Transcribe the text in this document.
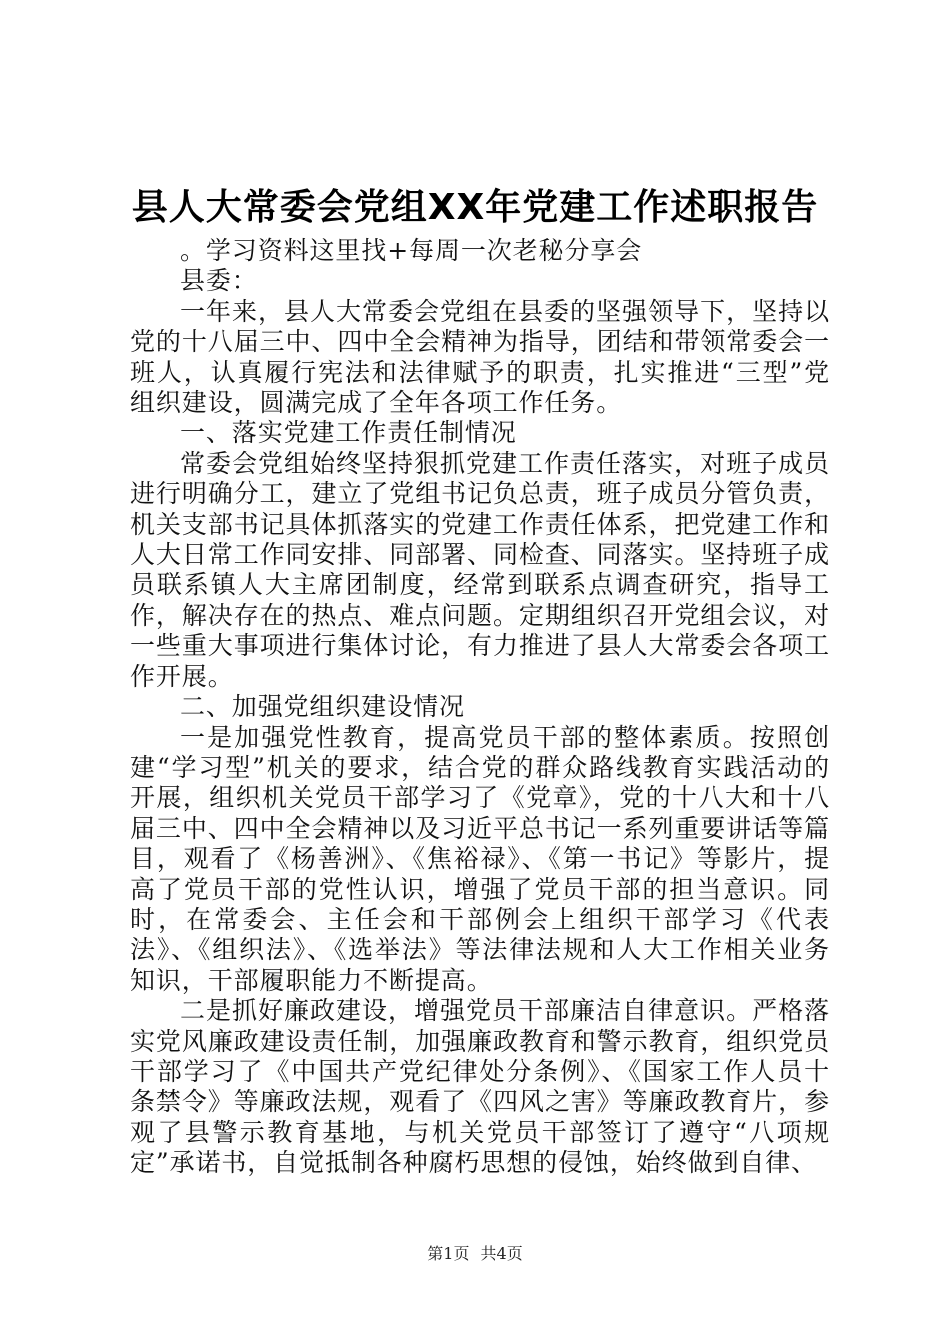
县人大常委会党组XX年党建工作述职报告

。学习资料这里找+每周一次老秘分享会

县委：

一年来，县人大常委会党组在县委的坚强领导下，坚持以党的十八届三中、四中全会精神为指导，团结和带领常委会一班人，认真履行宪法和法律赋予的职责，扎实推进“三型”党组织建设，圆满完成了全年各项工作任务。

一、落实党建工作责任制情况

常委会党组始终坚持狠抓党建工作责任落实，对班子成员进行明确分工，建立了党组书记负总责，班子成员分管负责，机关支部书记具体抓落实的党建工作责任体系，把党建工作和人大日常工作同安排、同部署、同检查、同落实。坚持班子成员联系镇人大主席团制度，经常到联系点调查研究，指导工作，解决存在的热点、难点问题。定期组织召开党组会议，对一些重大事项进行集体讨论，有力推进了县人大常委会各项工作开展。

二、加强党组织建设情况

一是加强党性教育，提高党员干部的整体素质。按照创建“学习型”机关的要求，结合党的群众路线教育实践活动的开展，组织机关党员干部学习了《党章》，党的十八大和十八届三中、四中全会精神以及习近平总书记一系列重要讲话等篇目，观看了《杨善洲》、《焦裕禄》、《第一书记》等影片，提高了党员干部的党性认识，增强了党员干部的担当意识。同时，在常委会、主任会和干部例会上组织干部学习《代表法》、《组织法》、《选举法》等法律法规和人大工作相关业务知识，干部履职能力不断提高。

二是抓好廉政建设，增强党员干部廉洁自律意识。严格落实党风廉政建设责任制，加强廉政教育和警示教育，组织党员干部学习了《中国共产党纪律处分条例》、《国家工作人员十条禁令》等廉政法规，观看了《四风之害》等廉政教育片，参观了县警示教育基地，与机关党员干部签订了遵守“八项规定”承诺书，自觉抵制各种腐朽思想的侵蚀，始终做到自律、

第1页 共4页
